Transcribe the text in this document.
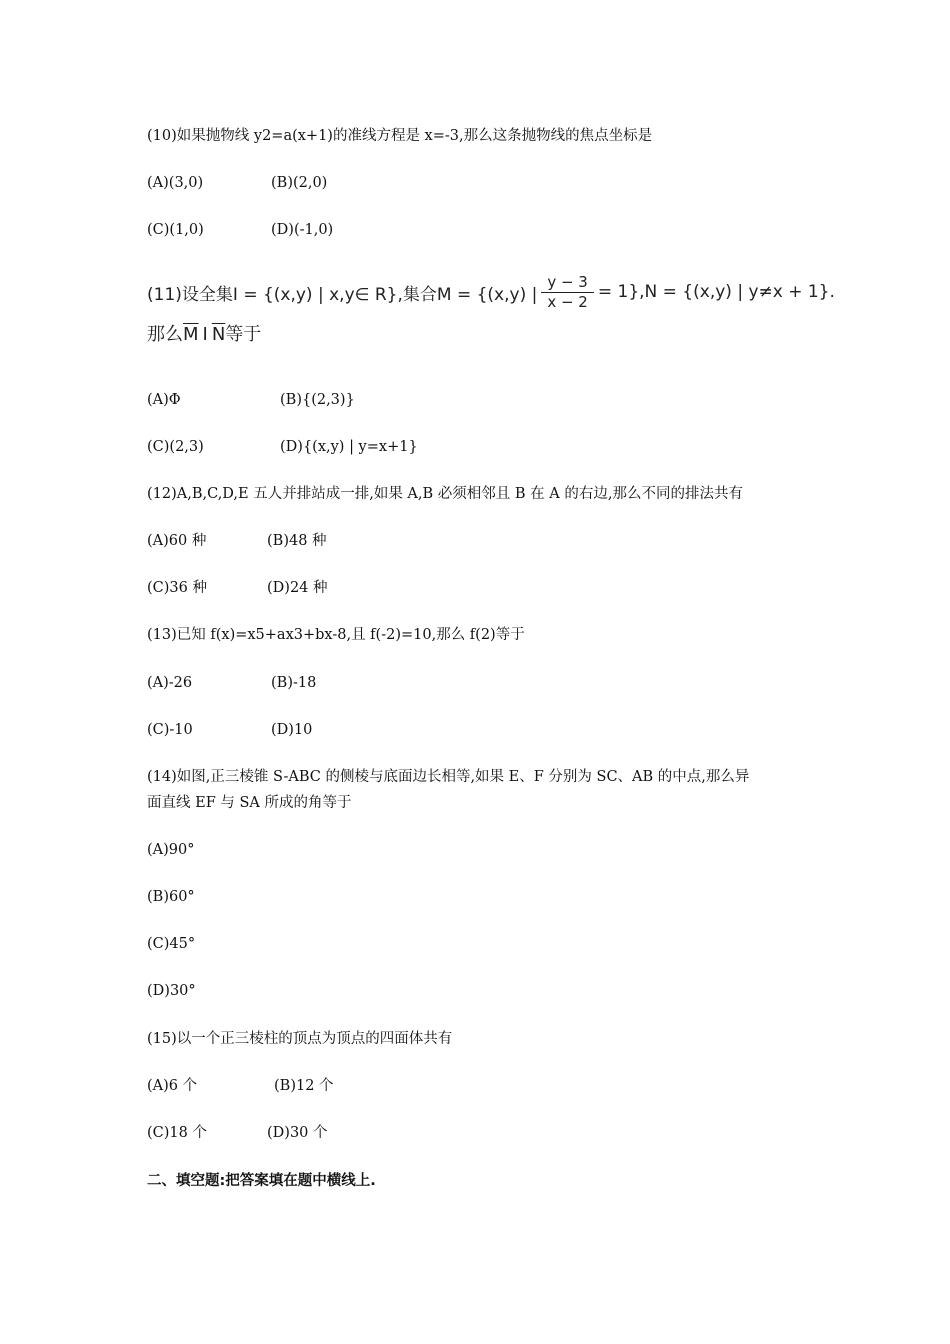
(10)如果抛物线 y2=a(x+1)的准线方程是 x=-3,那么这条抛物线的焦点坐标是
(A)(3,0)	(B)(2,0)
(C)(1,0)	(D)(-1,0)
(11)设全集I = {(x,y) | x,y∈ R},集合M = {(x,y) | $\frac{y - 3}{x - 2} = 1\},N = \{(x,y)$ | y≠x + 1}.
那么$\overline{M}$ I $\overline{N}$等于
(A)Φ	(B){(2,3)}
(C)(2,3)	(D){(x,y) | y=x+1}
(12)A,B,C,D,E 五人并排站成一排,如果 A,B 必须相邻且 B 在 A 的右边,那么不同的排法共有
(A)60 种	(B)48 种
(C)36 种	(D)24 种
(13)已知 f(x)=x5+ax3+bx-8,且 f(-2)=10,那么 f(2)等于
(A)-26	(B)-18
(C)-10	(D)10
(14)如图,正三棱锥 S-ABC 的侧棱与底面边长相等,如果 E、F 分别为 SC、AB 的中点,那么异
面直线 EF 与 SA 所成的角等于
(A)90°
(B)60°
(C)45°
(D)30°
(15)以一个正三棱柱的顶点为顶点的四面体共有
(A)6 个	(B)12 个
(C)18 个	(D)30 个
二、填空题:把答案填在题中横线上.
